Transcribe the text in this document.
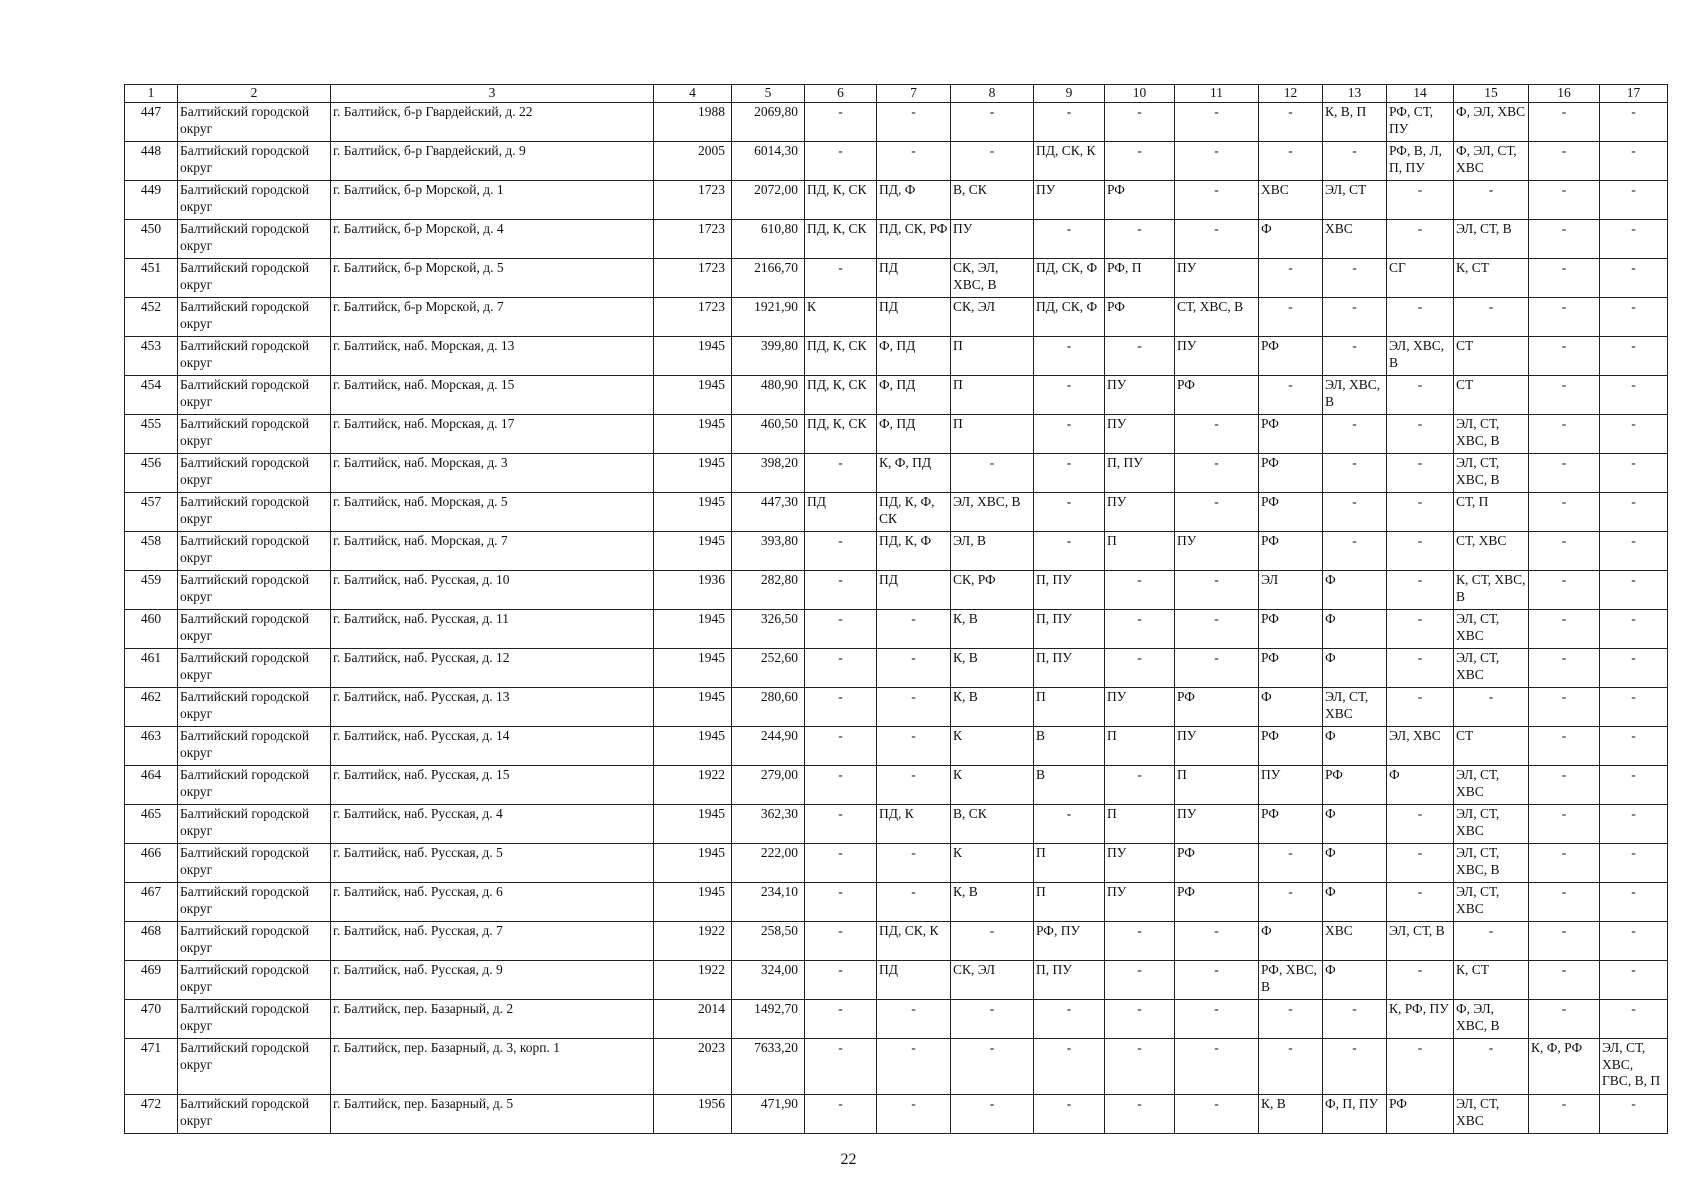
1	2	3	4	5	6	7	8	9	10	11	12	13	14	15	16	17
447	Балтийский городской округ	г. Балтийск, б-р Гвардейский, д. 22	1988	2069,80	-	-	-	-	-	-	-	К, В, П	РФ, СТ, ПУ	Ф, ЭЛ, ХВС	-	-
448	Балтийский городской округ	г. Балтийск, б-р Гвардейский, д. 9	2005	6014,30	-	-	-	ПД, СК, К	-	-	-	-	РФ, В, Л, П, ПУ	Ф, ЭЛ, СТ, ХВС	-	-
449	Балтийский городской округ	г. Балтийск, б-р Морской, д. 1	1723	2072,00	ПД, К, СК	ПД, Ф	В, СК	ПУ	РФ	-	ХВС	ЭЛ, СТ	-	-	-	-
450	Балтийский городской округ	г. Балтийск, б-р Морской, д. 4	1723	610,80	ПД, К, СК	ПД, СК, РФ	ПУ	-	-	-	Ф	ХВС	-	ЭЛ, СТ, В	-	-
451	Балтийский городской округ	г. Балтийск, б-р Морской, д. 5	1723	2166,70	-	ПД	СК, ЭЛ, ХВС, В	ПД, СК, Ф	РФ, П	ПУ	-	-	СГ	К, СТ	-	-
452	Балтийский городской округ	г. Балтийск, б-р Морской, д. 7	1723	1921,90	К	ПД	СК, ЭЛ	ПД, СК, Ф	РФ	СТ, ХВС, В	-	-	-	-	-	-
453	Балтийский городской округ	г. Балтийск, наб. Морская, д. 13	1945	399,80	ПД, К, СК	Ф, ПД	П	-	-	ПУ	РФ	-	ЭЛ, ХВС, В	СТ	-	-
454	Балтийский городской округ	г. Балтийск, наб. Морская, д. 15	1945	480,90	ПД, К, СК	Ф, ПД	П	-	ПУ	РФ	-	ЭЛ, ХВС, В	-	СТ	-	-
455	Балтийский городской округ	г. Балтийск, наб. Морская, д. 17	1945	460,50	ПД, К, СК	Ф, ПД	П	-	ПУ	-	РФ	-	-	ЭЛ, СТ, ХВС, В	-	-
456	Балтийский городской округ	г. Балтийск, наб. Морская, д. 3	1945	398,20	-	К, Ф, ПД	-	-	П, ПУ	-	РФ	-	-	ЭЛ, СТ, ХВС, В	-	-
457	Балтийский городской округ	г. Балтийск, наб. Морская, д. 5	1945	447,30	ПД	ПД, К, Ф, СК	ЭЛ, ХВС, В	-	ПУ	-	РФ	-	-	СТ, П	-	-
458	Балтийский городской округ	г. Балтийск, наб. Морская, д. 7	1945	393,80	-	ПД, К, Ф	ЭЛ, В	-	П	ПУ	РФ	-	-	СТ, ХВС	-	-
459	Балтийский городской округ	г. Балтийск, наб. Русская, д. 10	1936	282,80	-	ПД	СК, РФ	П, ПУ	-	-	ЭЛ	Ф	-	К, СТ, ХВС, В	-	-
460	Балтийский городской округ	г. Балтийск, наб. Русская, д. 11	1945	326,50	-	-	К, В	П, ПУ	-	-	РФ	Ф	-	ЭЛ, СТ, ХВС	-	-
461	Балтийский городской округ	г. Балтийск, наб. Русская, д. 12	1945	252,60	-	-	К, В	П, ПУ	-	-	РФ	Ф	-	ЭЛ, СТ, ХВС	-	-
462	Балтийский городской округ	г. Балтийск, наб. Русская, д. 13	1945	280,60	-	-	К, В	П	ПУ	РФ	Ф	ЭЛ, СТ, ХВС	-	-	-	-
463	Балтийский городской округ	г. Балтийск, наб. Русская, д. 14	1945	244,90	-	-	К	В	П	ПУ	РФ	Ф	ЭЛ, ХВС	СТ	-	-
464	Балтийский городской округ	г. Балтийск, наб. Русская, д. 15	1922	279,00	-	-	К	В	-	П	ПУ	РФ	Ф	ЭЛ, СТ, ХВС	-	-
465	Балтийский городской округ	г. Балтийск, наб. Русская, д. 4	1945	362,30	-	ПД, К	В, СК	-	П	ПУ	РФ	Ф	-	ЭЛ, СТ, ХВС	-	-
466	Балтийский городской округ	г. Балтийск, наб. Русская, д. 5	1945	222,00	-	-	К	П	ПУ	РФ	-	Ф	-	ЭЛ, СТ, ХВС, В	-	-
467	Балтийский городской округ	г. Балтийск, наб. Русская, д. 6	1945	234,10	-	-	К, В	П	ПУ	РФ	-	Ф	-	ЭЛ, СТ, ХВС	-	-
468	Балтийский городской округ	г. Балтийск, наб. Русская, д. 7	1922	258,50	-	ПД, СК, К	-	РФ, ПУ	-	-	Ф	ХВС	ЭЛ, СТ, В	-	-	-
469	Балтийский городской округ	г. Балтийск, наб. Русская, д. 9	1922	324,00	-	ПД	СК, ЭЛ	П, ПУ	-	-	РФ, ХВС, В	Ф	-	К, СТ	-	-
470	Балтийский городской округ	г. Балтийск, пер. Базарный, д. 2	2014	1492,70	-	-	-	-	-	-	-	-	К, РФ, ПУ	Ф, ЭЛ, ХВС, В	-	-
471	Балтийский городской округ	г. Балтийск, пер. Базарный, д. 3, корп. 1	2023	7633,20	-	-	-	-	-	-	-	-	-	-	К, Ф, РФ	ЭЛ, СТ, ХВС, ГВС, В, П
472	Балтийский городской округ	г. Балтийск, пер. Базарный, д. 5	1956	471,90	-	-	-	-	-	-	К, В	Ф, П, ПУ	РФ	ЭЛ, СТ, ХВС	-	-
22
